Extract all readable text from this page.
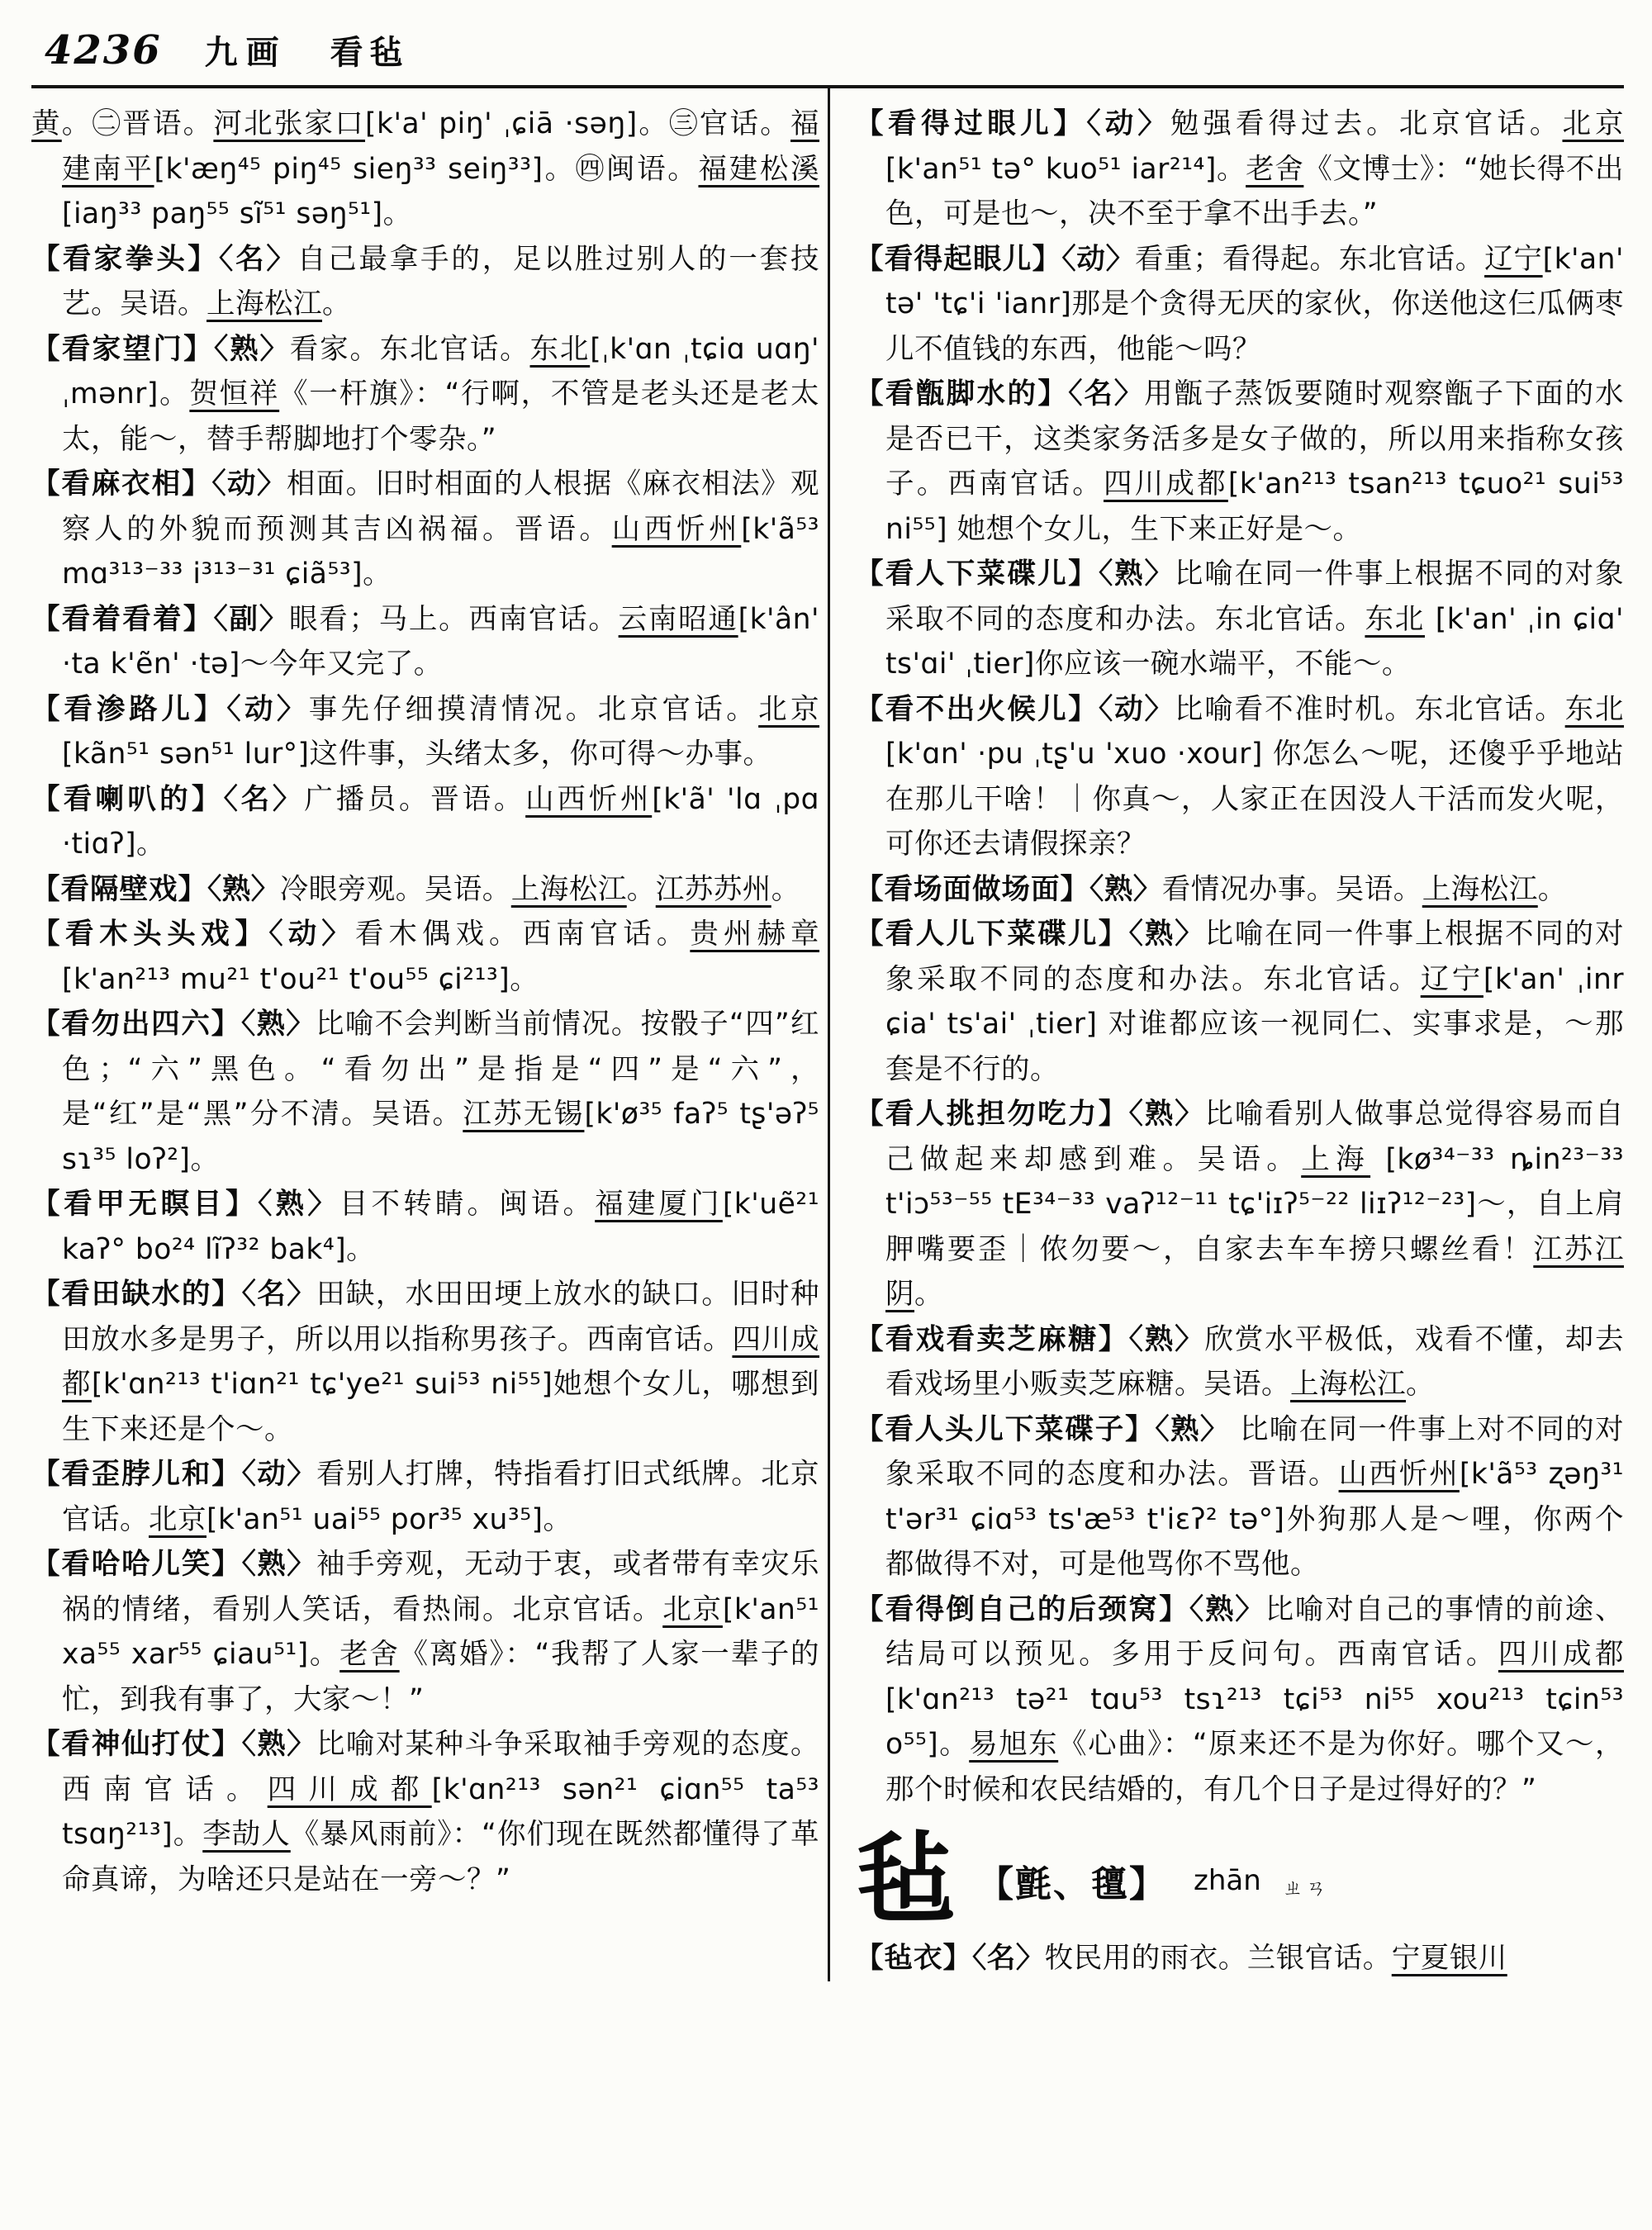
4236 九画 看毡

黄。㊁晋语。河北张家口[k'a' piŋ' ˌɕiā ·səŋ]。㊂官话。福建南平[k'æŋ⁴⁵ piŋ⁴⁵ sieŋ³³ seiŋ³³]。㊃闽语。福建松溪[iaŋ³³ paŋ⁵⁵ sĩ⁵¹ səŋ⁵¹]。

【看家拳头】〈名〉自己最拿手的，足以胜过别人的一套技艺。吴语。上海松江。

【看家望门】〈熟〉看家。东北官话。东北[ˌk'ɑn ˌtɕiɑ uɑŋ' ˌmənr]。贺恒祥《一杆旗》：“行啊，不管是老头还是老太太，能～，替手帮脚地打个零杂。”

【看麻衣相】〈动〉相面。旧时相面的人根据《麻衣相法》观察人的外貌而预测其吉凶祸福。晋语。山西忻州[k'ã⁵³ mɑ³¹³⁻³³ i³¹³⁻³¹ ɕiã⁵³]。

【看着看着】〈副〉眼看；马上。西南官话。云南昭通[k'ân' ·ta k'ẽn' ·tə]～今年又完了。

【看渗路儿】〈动〉事先仔细摸清情况。北京官话。北京[kãn⁵¹ sən⁵¹ lur°]这件事，头绪太多，你可得～办事。

【看喇叭的】〈名〉广播员。晋语。山西忻州[k'ã' 'lɑ ˌpɑ ·tiɑʔ]。

【看隔壁戏】〈熟〉冷眼旁观。吴语。上海松江。江苏苏州。

【看木头头戏】〈动〉看木偶戏。西南官话。贵州赫章[k'an²¹³ mu²¹ t'ou²¹ t'ou⁵⁵ ɕi²¹³]。

【看勿出四六】〈熟〉比喻不会判断当前情况。按骰子“四”红色；“六”黑色。“看勿出”是指是“四”是“六”，是“红”是“黑”分不清。吴语。江苏无锡[k'ø³⁵ faʔ⁵ tʂ'əʔ⁵ sɿ³⁵ loʔ²]。

【看甲无瞑目】〈熟〉目不转睛。闽语。福建厦门[k'uẽ²¹ kaʔ° bo²⁴ lĩʔ³² bak⁴]。

【看田缺水的】〈名〉田缺，水田田埂上放水的缺口。旧时种田放水多是男子，所以用以指称男孩子。西南官话。四川成都[k'ɑn²¹³ t'iɑn²¹ tɕ'ye²¹ sui⁵³ ni⁵⁵]她想个女儿，哪想到生下来还是个～。

【看歪脖儿和】〈动〉看别人打牌，特指看打旧式纸牌。北京官话。北京[k'an⁵¹ uai⁵⁵ por³⁵ xu³⁵]。

【看哈哈儿笑】〈熟〉袖手旁观，无动于衷，或者带有幸灾乐祸的情绪，看别人笑话，看热闹。北京官话。北京[k'an⁵¹ xa⁵⁵ xar⁵⁵ ɕiau⁵¹]。老舍《离婚》：“我帮了人家一辈子的忙，到我有事了，大家～！”

【看神仙打仗】〈熟〉比喻对某种斗争采取袖手旁观的态度。西南官话。四川成都[k'ɑn²¹³ sən²¹ ɕiɑn⁵⁵ ta⁵³ tsɑŋ²¹³]。李劼人《暴风雨前》：“你们现在既然都懂得了革命真谛，为啥还只是站在一旁～？”

【看得过眼儿】〈动〉勉强看得过去。北京官话。北京[k'an⁵¹ tə° kuo⁵¹ iar²¹⁴]。老舍《文博士》：“她长得不出色，可是也～，决不至于拿不出手去。”

【看得起眼儿】〈动〉看重；看得起。东北官话。辽宁[k'an' tə' 'tɕ'i 'ianr]那是个贪得无厌的家伙，你送他这仨瓜俩枣儿不值钱的东西，他能～吗？

【看甑脚水的】〈名〉用甑子蒸饭要随时观察甑子下面的水是否已干，这类家务活多是女子做的，所以用来指称女孩子。西南官话。四川成都[k'an²¹³ tsan²¹³ tɕuo²¹ sui⁵³ ni⁵⁵] 她想个女儿，生下来正好是～。

【看人下菜碟儿】〈熟〉比喻在同一件事上根据不同的对象采取不同的态度和办法。东北官话。东北 [k'an' ˌin ɕiɑ' ts'ɑi' ˌtier]你应该一碗水端平，不能～。

【看不出火候儿】〈动〉比喻看不准时机。东北官话。东北[k'ɑn' ·pu ˌtʂ'u 'xuo ·xour] 你怎么～呢，还傻乎乎地站在那儿干啥！｜你真～，人家正在因没人干活而发火呢，可你还去请假探亲？

【看场面做场面】〈熟〉看情况办事。吴语。上海松江。

【看人儿下菜碟儿】〈熟〉比喻在同一件事上根据不同的对象采取不同的态度和办法。东北官话。辽宁[k'an' ˌinr ɕia' ts'ai' ˌtier] 对谁都应该一视同仁、实事求是，～那套是不行的。

【看人挑担勿吃力】〈熟〉比喻看别人做事总觉得容易而自己做起来却感到难。吴语。上海 [kø³⁴⁻³³ ȵin²³⁻³³ t'iɔ⁵³⁻⁵⁵ tE³⁴⁻³³ vaʔ¹²⁻¹¹ tɕ'iɪʔ⁵⁻²² liɪʔ¹²⁻²³]～，自上肩胛嘴要歪｜侬勿要～，自家去车车搒只螺丝看！江苏江阴。

【看戏看卖芝麻糖】〈熟〉欣赏水平极低，戏看不懂，却去看戏场里小贩卖芝麻糖。吴语。上海松江。

【看人头儿下菜碟子】〈熟〉 比喻在同一件事上对不同的对象采取不同的态度和办法。晋语。山西忻州[k'ã⁵³ ʐəŋ³¹ t'ər³¹ ɕiɑ⁵³ ts'æ⁵³ t'iɛʔ² tə°]外狗那人是～哩，你两个都做得不对，可是他骂你不骂他。

【看得倒自己的后颈窝】〈熟〉比喻对自己的事情的前途、结局可以预见。多用于反问句。西南官话。四川成都 [k'ɑn²¹³ tə²¹ tɑu⁵³ tsɿ²¹³ tɕi⁵³ ni⁵⁵ xou²¹³ tɕin⁵³ o⁵⁵]。易旭东《心曲》：“原来还不是为你好。哪个又～，那个时候和农民结婚的，有几个日子是过得好的？”

毡 【氈、氊】 zhān ㄓㄢ

【毡衣】〈名〉牧民用的雨衣。兰银官话。宁夏银川
